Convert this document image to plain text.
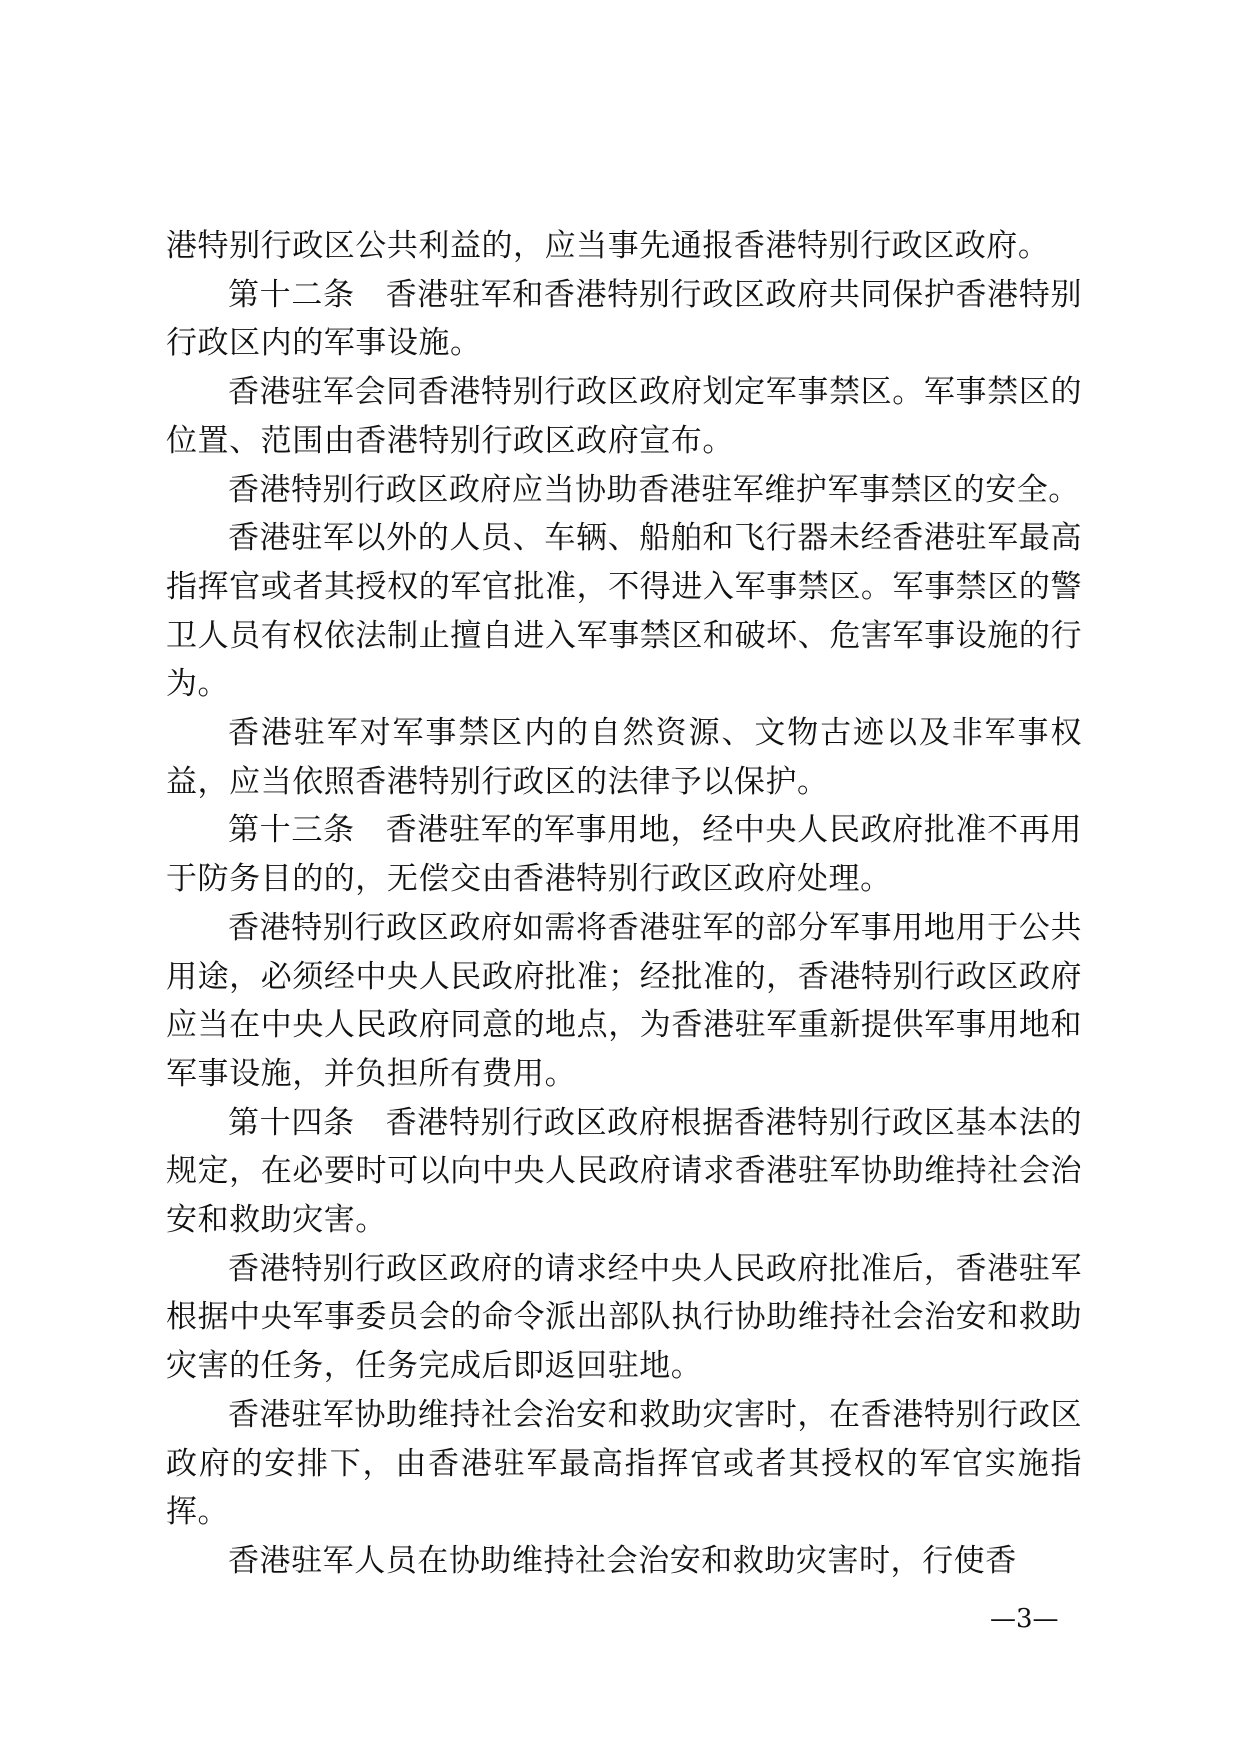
港特别行政区公共利益的，应当事先通报香港特别行政区政府。

第十二条 香港驻军和香港特别行政区政府共同保护香港特别行政区内的军事设施。

香港驻军会同香港特别行政区政府划定军事禁区。军事禁区的位置、范围由香港特别行政区政府宣布。

香港特别行政区政府应当协助香港驻军维护军事禁区的安全。

香港驻军以外的人员、车辆、船舶和飞行器未经香港驻军最高指挥官或者其授权的军官批准，不得进入军事禁区。军事禁区的警卫人员有权依法制止擅自进入军事禁区和破坏、危害军事设施的行为。

香港驻军对军事禁区内的自然资源、文物古迹以及非军事权益，应当依照香港特别行政区的法律予以保护。

第十三条 香港驻军的军事用地，经中央人民政府批准不再用于防务目的的，无偿交由香港特别行政区政府处理。

香港特别行政区政府如需将香港驻军的部分军事用地用于公共用途，必须经中央人民政府批准；经批准的，香港特别行政区政府应当在中央人民政府同意的地点，为香港驻军重新提供军事用地和军事设施，并负担所有费用。

第十四条 香港特别行政区政府根据香港特别行政区基本法的规定，在必要时可以向中央人民政府请求香港驻军协助维持社会治安和救助灾害。

香港特别行政区政府的请求经中央人民政府批准后，香港驻军根据中央军事委员会的命令派出部队执行协助维持社会治安和救助灾害的任务，任务完成后即返回驻地。

香港驻军协助维持社会治安和救助灾害时，在香港特别行政区政府的安排下，由香港驻军最高指挥官或者其授权的军官实施指挥。

香港驻军人员在协助维持社会治安和救助灾害时，行使香

—3—
